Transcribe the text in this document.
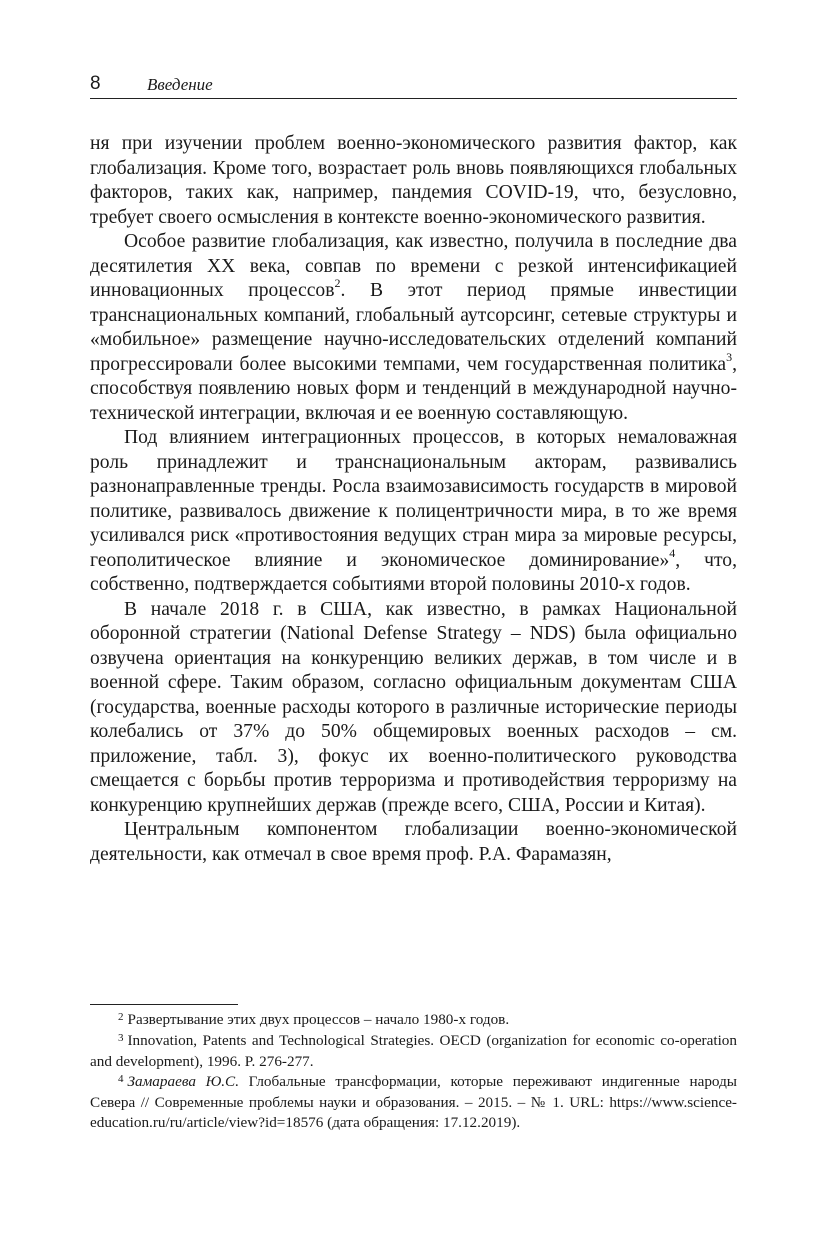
8	Введение

ня при изучении проблем военно-экономического развития фактор, как глобализация. Кроме того, возрастает роль вновь появляющихся глобальных факторов, таких как, например, пандемия COVID-19, что, безусловно, требует своего осмысления в контексте военно-экономического развития.

Особое развитие глобализация, как известно, получила в последние два десятилетия XX века, совпав по времени с резкой интенсификацией инновационных процессов$^2$. В этот период прямые инвестиции транснациональных компаний, глобальный аутсорсинг, сетевые структуры и «мобильное» размещение научно-исследовательских отделений компаний прогрессировали более высокими темпами, чем государственная политика$^3$, способствуя появлению новых форм и тенденций в международной научно-технической интеграции, включая и ее военную составляющую.

Под влиянием интеграционных процессов, в которых немаловажная роль принадлежит и транснациональным акторам, развивались разнонаправленные тренды. Росла взаимозависимость государств в мировой политике, развивалось движение к полицентричности мира, в то же время усиливался риск «противостояния ведущих стран мира за мировые ресурсы, геополитическое влияние и экономическое доминирование»$^4$, что, собственно, подтверждается событиями второй половины 2010-х годов.

В начале 2018 г. в США, как известно, в рамках Национальной оборонной стратегии (National Defense Strategy – NDS) была официально озвучена ориентация на конкуренцию великих держав, в том числе и в военной сфере. Таким образом, согласно официальным документам США (государства, военные расходы которого в различные исторические периоды колебались от 37% до 50% общемировых военных расходов – см. приложение, табл. 3), фокус их военно-политического руководства смещается с борьбы против терроризма и противодействия терроризму на конкуренцию крупнейших держав (прежде всего, США, России и Китая).

Центральным компонентом глобализации военно-экономической деятельности, как отмечал в свое время проф. Р.А. Фарамазян,

$^2$ Развертывание этих двух процессов – начало 1980-х годов.

$^3$ Innovation, Patents and Technological Strategies. OECD (organization for economic co-operation and development), 1996. P. 276-277.

$^4$ Замараева Ю.С. Глобальные трансформации, которые переживают индигенные народы Севера // Современные проблемы науки и образования. – 2015. – № 1. URL: https://www.science-education.ru/ru/article/view?id=18576 (дата обращения: 17.12.2019).
